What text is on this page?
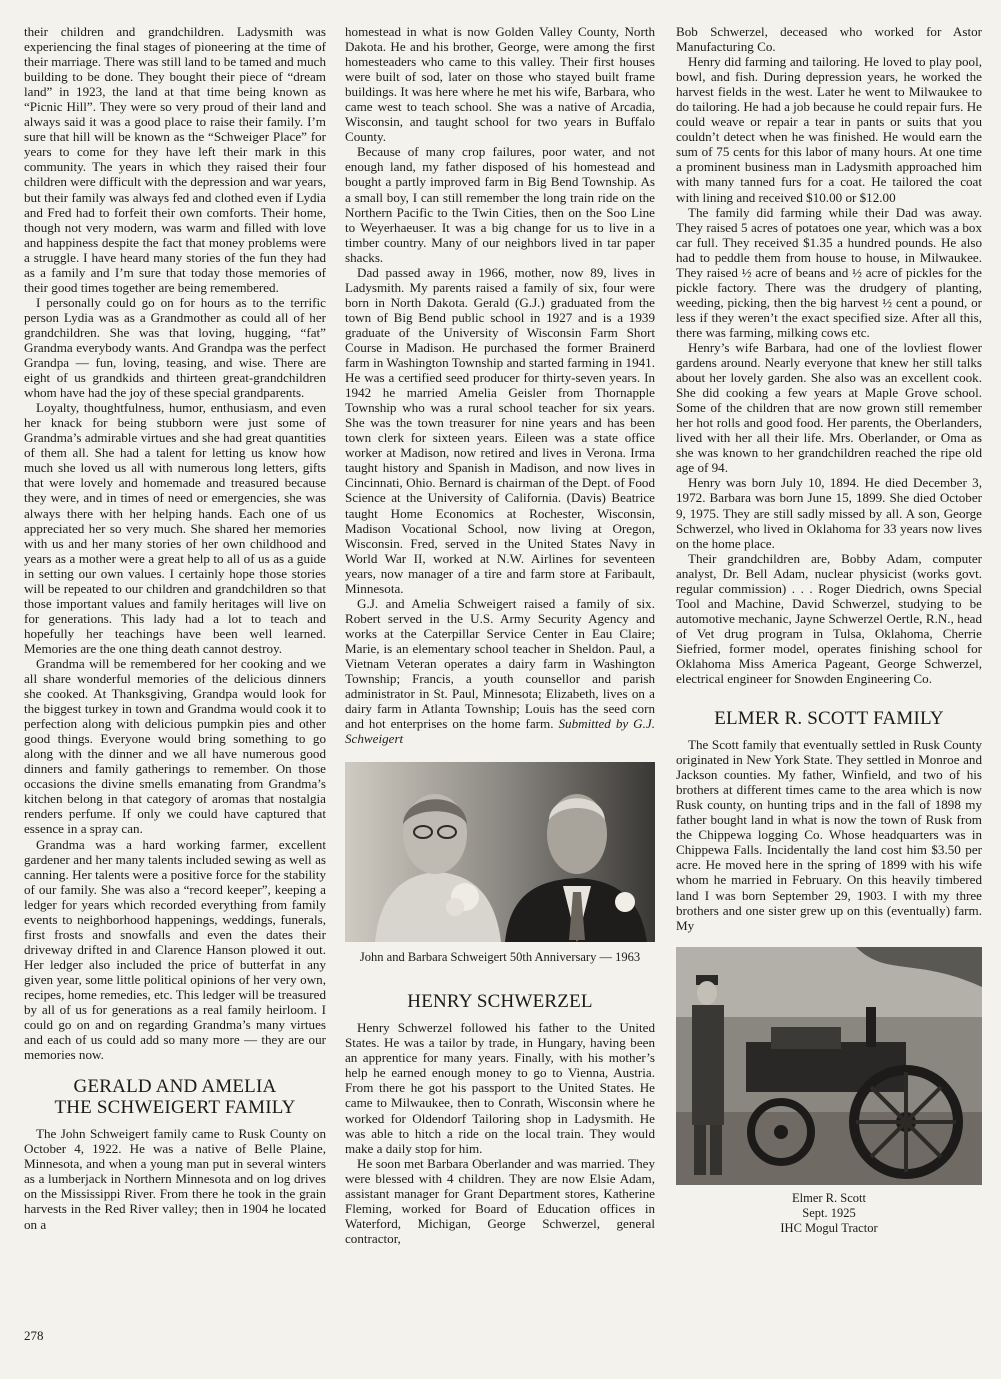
their children and grandchildren. Ladysmith was experiencing the final stages of pioneering at the time of their marriage. There was still land to be tamed and much building to be done. They bought their piece of “dream land” in 1923, the land at that time being known as “Picnic Hill”. They were so very proud of their land and always said it was a good place to raise their family. I’m sure that hill will be known as the “Schweiger Place” for years to come for they have left their mark in this community. The years in which they raised their four children were difficult with the depression and war years, but their family was always fed and clothed even if Lydia and Fred had to forfeit their own comforts. Their home, though not very modern, was warm and filled with love and happiness despite the fact that money problems were a struggle. I have heard many stories of the fun they had as a family and I’m sure that today those memories of their good times together are being remembered.

I personally could go on for hours as to the terrific person Lydia was as a Grandmother as could all of her grandchildren. She was that loving, hugging, “fat” Grandma everybody wants. And Grandpa was the perfect Grandpa — fun, loving, teasing, and wise. There are eight of us grandkids and thirteen great-grandchildren whom have had the joy of these special grandparents.

Loyalty, thoughtfulness, humor, enthusiasm, and even her knack for being stubborn were just some of Grandma’s admirable virtues and she had great quantities of them all. She had a talent for letting us know how much she loved us all with numerous long letters, gifts that were lovely and homemade and treasured because they were, and in times of need or emergencies, she was always there with her helping hands. Each one of us appreciated her so very much. She shared her memories with us and her many stories of her own childhood and years as a mother were a great help to all of us as a guide in setting our own values. I certainly hope those stories will be repeated to our children and grandchildren so that those important values and family heritages will live on for generations. This lady had a lot to teach and hopefully her teachings have been well learned. Memories are the one thing death cannot destroy.

Grandma will be remembered for her cooking and we all share wonderful memories of the delicious dinners she cooked. At Thanksgiving, Grandpa would look for the biggest turkey in town and Grandma would cook it to perfection along with delicious pumpkin pies and other good things. Everyone would bring something to go along with the dinner and we all have numerous good dinners and family gatherings to remember. On those occasions the divine smells emanating from Grandma’s kitchen belong in that category of aromas that nostalgia renders perfume. If only we could have captured that essence in a spray can.

Grandma was a hard working farmer, excellent gardener and her many talents included sewing as well as canning. Her talents were a positive force for the stability of our family. She was also a “record keeper”, keeping a ledger for years which recorded everything from family events to neighborhood happenings, weddings, funerals, first frosts and snowfalls and even the dates their driveway drifted in and Clarence Hanson plowed it out. Her ledger also included the price of butterfat in any given year, some little political opinions of her very own, recipes, home remedies, etc. This ledger will be treasured by all of us for generations as a real family heirloom. I could go on and on regarding Grandma’s many virtues and each of us could add so many more — they are our memories now.

GERALD AND AMELIA
THE SCHWEIGERT FAMILY

The John Schweigert family came to Rusk County on October 4, 1922. He was a native of Belle Plaine, Minnesota, and when a young man put in several winters as a lumberjack in Northern Minnesota and on log drives on the Mississippi River. From there he took in the grain harvests in the Red River valley; then in 1904 he located on a

homestead in what is now Golden Valley County, North Dakota. He and his brother, George, were among the first homesteaders who came to this valley. Their first houses were built of sod, later on those who stayed built frame buildings. It was here where he met his wife, Barbara, who came west to teach school. She was a native of Arcadia, Wisconsin, and taught school for two years in Buffalo County.

Because of many crop failures, poor water, and not enough land, my father disposed of his homestead and bought a partly improved farm in Big Bend Township. As a small boy, I can still remember the long train ride on the Northern Pacific to the Twin Cities, then on the Soo Line to Weyerhaeuser. It was a big change for us to live in a timber country. Many of our neighbors lived in tar paper shacks.

Dad passed away in 1966, mother, now 89, lives in Ladysmith. My parents raised a family of six, four were born in North Dakota. Gerald (G.J.) graduated from the town of Big Bend public school in 1927 and is a 1939 graduate of the University of Wisconsin Farm Short Course in Madison. He purchased the former Brainerd farm in Washington Township and started farming in 1941. He was a certified seed producer for thirty-seven years. In 1942 he married Amelia Geisler from Thornapple Township who was a rural school teacher for six years. She was the town treasurer for nine years and has been town clerk for sixteen years. Eileen was a state office worker at Madison, now retired and lives in Verona. Irma taught history and Spanish in Madison, and now lives in Cincinnati, Ohio. Bernard is chairman of the Dept. of Food Science at the University of California. (Davis) Beatrice taught Home Economics at Rochester, Wisconsin, Madison Vocational School, now living at Oregon, Wisconsin. Fred, served in the United States Navy in World War II, worked at N.W. Airlines for seventeen years, now manager of a tire and farm store at Faribault, Minnesota.

G.J. and Amelia Schweigert raised a family of six. Robert served in the U.S. Army Security Agency and works at the Caterpillar Service Center in Eau Claire; Marie, is an elementary school teacher in Sheldon. Paul, a Vietnam Veteran operates a dairy farm in Washington Township; Francis, a youth counsellor and parish administrator in St. Paul, Minnesota; Elizabeth, lives on a dairy farm in Atlanta Township; Louis has the seed corn and hot enterprises on the home farm. Submitted by G.J. Schweigert

John and Barbara Schweigert 50th Anniversary — 1963
HENRY SCHWERZEL

Henry Schwerzel followed his father to the United States. He was a tailor by trade, in Hungary, having been an apprentice for many years. Finally, with his mother’s help he earned enough money to go to Vienna, Austria. From there he got his passport to the United States. He came to Milwaukee, then to Conrath, Wisconsin where he worked for Oldendorf Tailoring shop in Ladysmith. He was able to hitch a ride on the local train. They would make a daily stop for him.

He soon met Barbara Oberlander and was married. They were blessed with 4 children. They are now Elsie Adam, assistant manager for Grant Department stores, Katherine Fleming, worked for Board of Education offices in Waterford, Michigan, George Schwerzel, general contractor,

Bob Schwerzel, deceased who worked for Astor Manufacturing Co.

Henry did farming and tailoring. He loved to play pool, bowl, and fish. During depression years, he worked the harvest fields in the west. Later he went to Milwaukee to do tailoring. He had a job because he could repair furs. He could weave or repair a tear in pants or suits that you couldn’t detect when he was finished. He would earn the sum of 75 cents for this labor of many hours. At one time a prominent business man in Ladysmith approached him with many tanned furs for a coat. He tailored the coat with lining and received $10.00 or $12.00

The family did farming while their Dad was away. They raised 5 acres of potatoes one year, which was a box car full. They received $1.35 a hundred pounds. He also had to peddle them from house to house, in Milwaukee. They raised ½ acre of beans and ½ acre of pickles for the pickle factory. There was the drudgery of planting, weeding, picking, then the big harvest ½ cent a pound, or less if they weren’t the exact specified size. After all this, there was farming, milking cows etc.

Henry’s wife Barbara, had one of the lovliest flower gardens around. Nearly everyone that knew her still talks about her lovely garden. She also was an excellent cook. She did cooking a few years at Maple Grove school. Some of the children that are now grown still remember her hot rolls and good food. Her parents, the Oberlanders, lived with her all their life. Mrs. Oberlander, or Oma as she was known to her grandchildren reached the ripe old age of 94.

Henry was born July 10, 1894. He died December 3, 1972. Barbara was born June 15, 1899. She died October 9, 1975. They are still sadly missed by all. A son, George Schwerzel, who lived in Oklahoma for 33 years now lives on the home place.

Their grandchildren are, Bobby Adam, computer analyst, Dr. Bell Adam, nuclear physicist (works govt. regular commission) . . . Roger Diedrich, owns Special Tool and Machine, David Schwerzel, studying to be automotive mechanic, Jayne Schwerzel Oertle, R.N., head of Vet drug program in Tulsa, Oklahoma, Cherrie Siefried, former model, operates finishing school for Oklahoma Miss America Pageant, George Schwerzel, electrical engineer for Snowden Engineering Co.

ELMER R. SCOTT FAMILY

The Scott family that eventually settled in Rusk County originated in New York State. They settled in Monroe and Jackson counties. My father, Winfield, and two of his brothers at different times came to the area which is now Rusk county, on hunting trips and in the fall of 1898 my father bought land in what is now the town of Rusk from the Chippewa logging Co. Whose headquarters was in Chippewa Falls. Incidentally the land cost him $3.50 per acre. He moved here in the spring of 1899 with his wife whom he married in February. On this heavily timbered land I was born September 29, 1903. I with my three brothers and one sister grew up on this (eventually) farm. My

Elmer R. Scott
Sept. 1925
IHC Mogul Tractor
278
